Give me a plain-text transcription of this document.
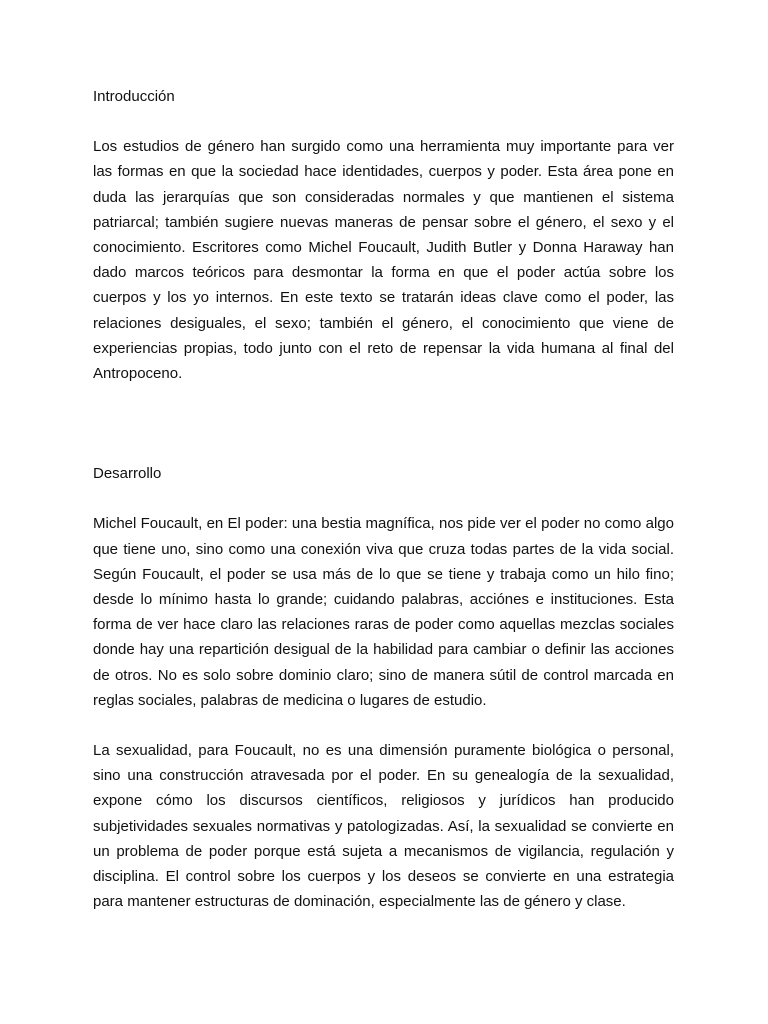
Introducción

Los estudios de género han surgido como una herramienta muy importante para ver las formas en que la sociedad hace identidades, cuerpos y poder. Esta área pone en duda las jerarquías que son consideradas normales y que mantienen el sistema patriarcal; también sugiere nuevas maneras de pensar sobre el género, el sexo y el conocimiento. Escritores como Michel Foucault, Judith Butler y Donna Haraway han dado marcos teóricos para desmontar la forma en que el poder actúa sobre los cuerpos y los yo internos. En este texto se tratarán ideas clave como el poder, las relaciones desiguales, el sexo; también el género, el conocimiento que viene de experiencias propias, todo junto con el reto de repensar la vida humana al final del Antropoceno.

Desarrollo

Michel Foucault, en El poder: una bestia magnífica, nos pide ver el poder no como algo que tiene uno, sino como una conexión viva que cruza todas partes de la vida social. Según Foucault, el poder se usa más de lo que se tiene y trabaja como un hilo fino; desde lo mínimo hasta lo grande; cuidando palabras, acciónes e instituciones. Esta forma de ver hace claro las relaciones raras de poder como aquellas mezclas sociales donde hay una repartición desigual de la habilidad para cambiar o definir las acciones de otros. No es solo sobre dominio claro; sino de manera sútil de control marcada en reglas sociales, palabras de medicina o lugares de estudio.

La sexualidad, para Foucault, no es una dimensión puramente biológica o personal, sino una construcción atravesada por el poder. En su genealogía de la sexualidad, expone cómo los discursos científicos, religiosos y jurídicos han producido subjetividades sexuales normativas y patologizadas. Así, la sexualidad se convierte en un problema de poder porque está sujeta a mecanismos de vigilancia, regulación y disciplina. El control sobre los cuerpos y los deseos se convierte en una estrategia para mantener estructuras de dominación, especialmente las de género y clase.
